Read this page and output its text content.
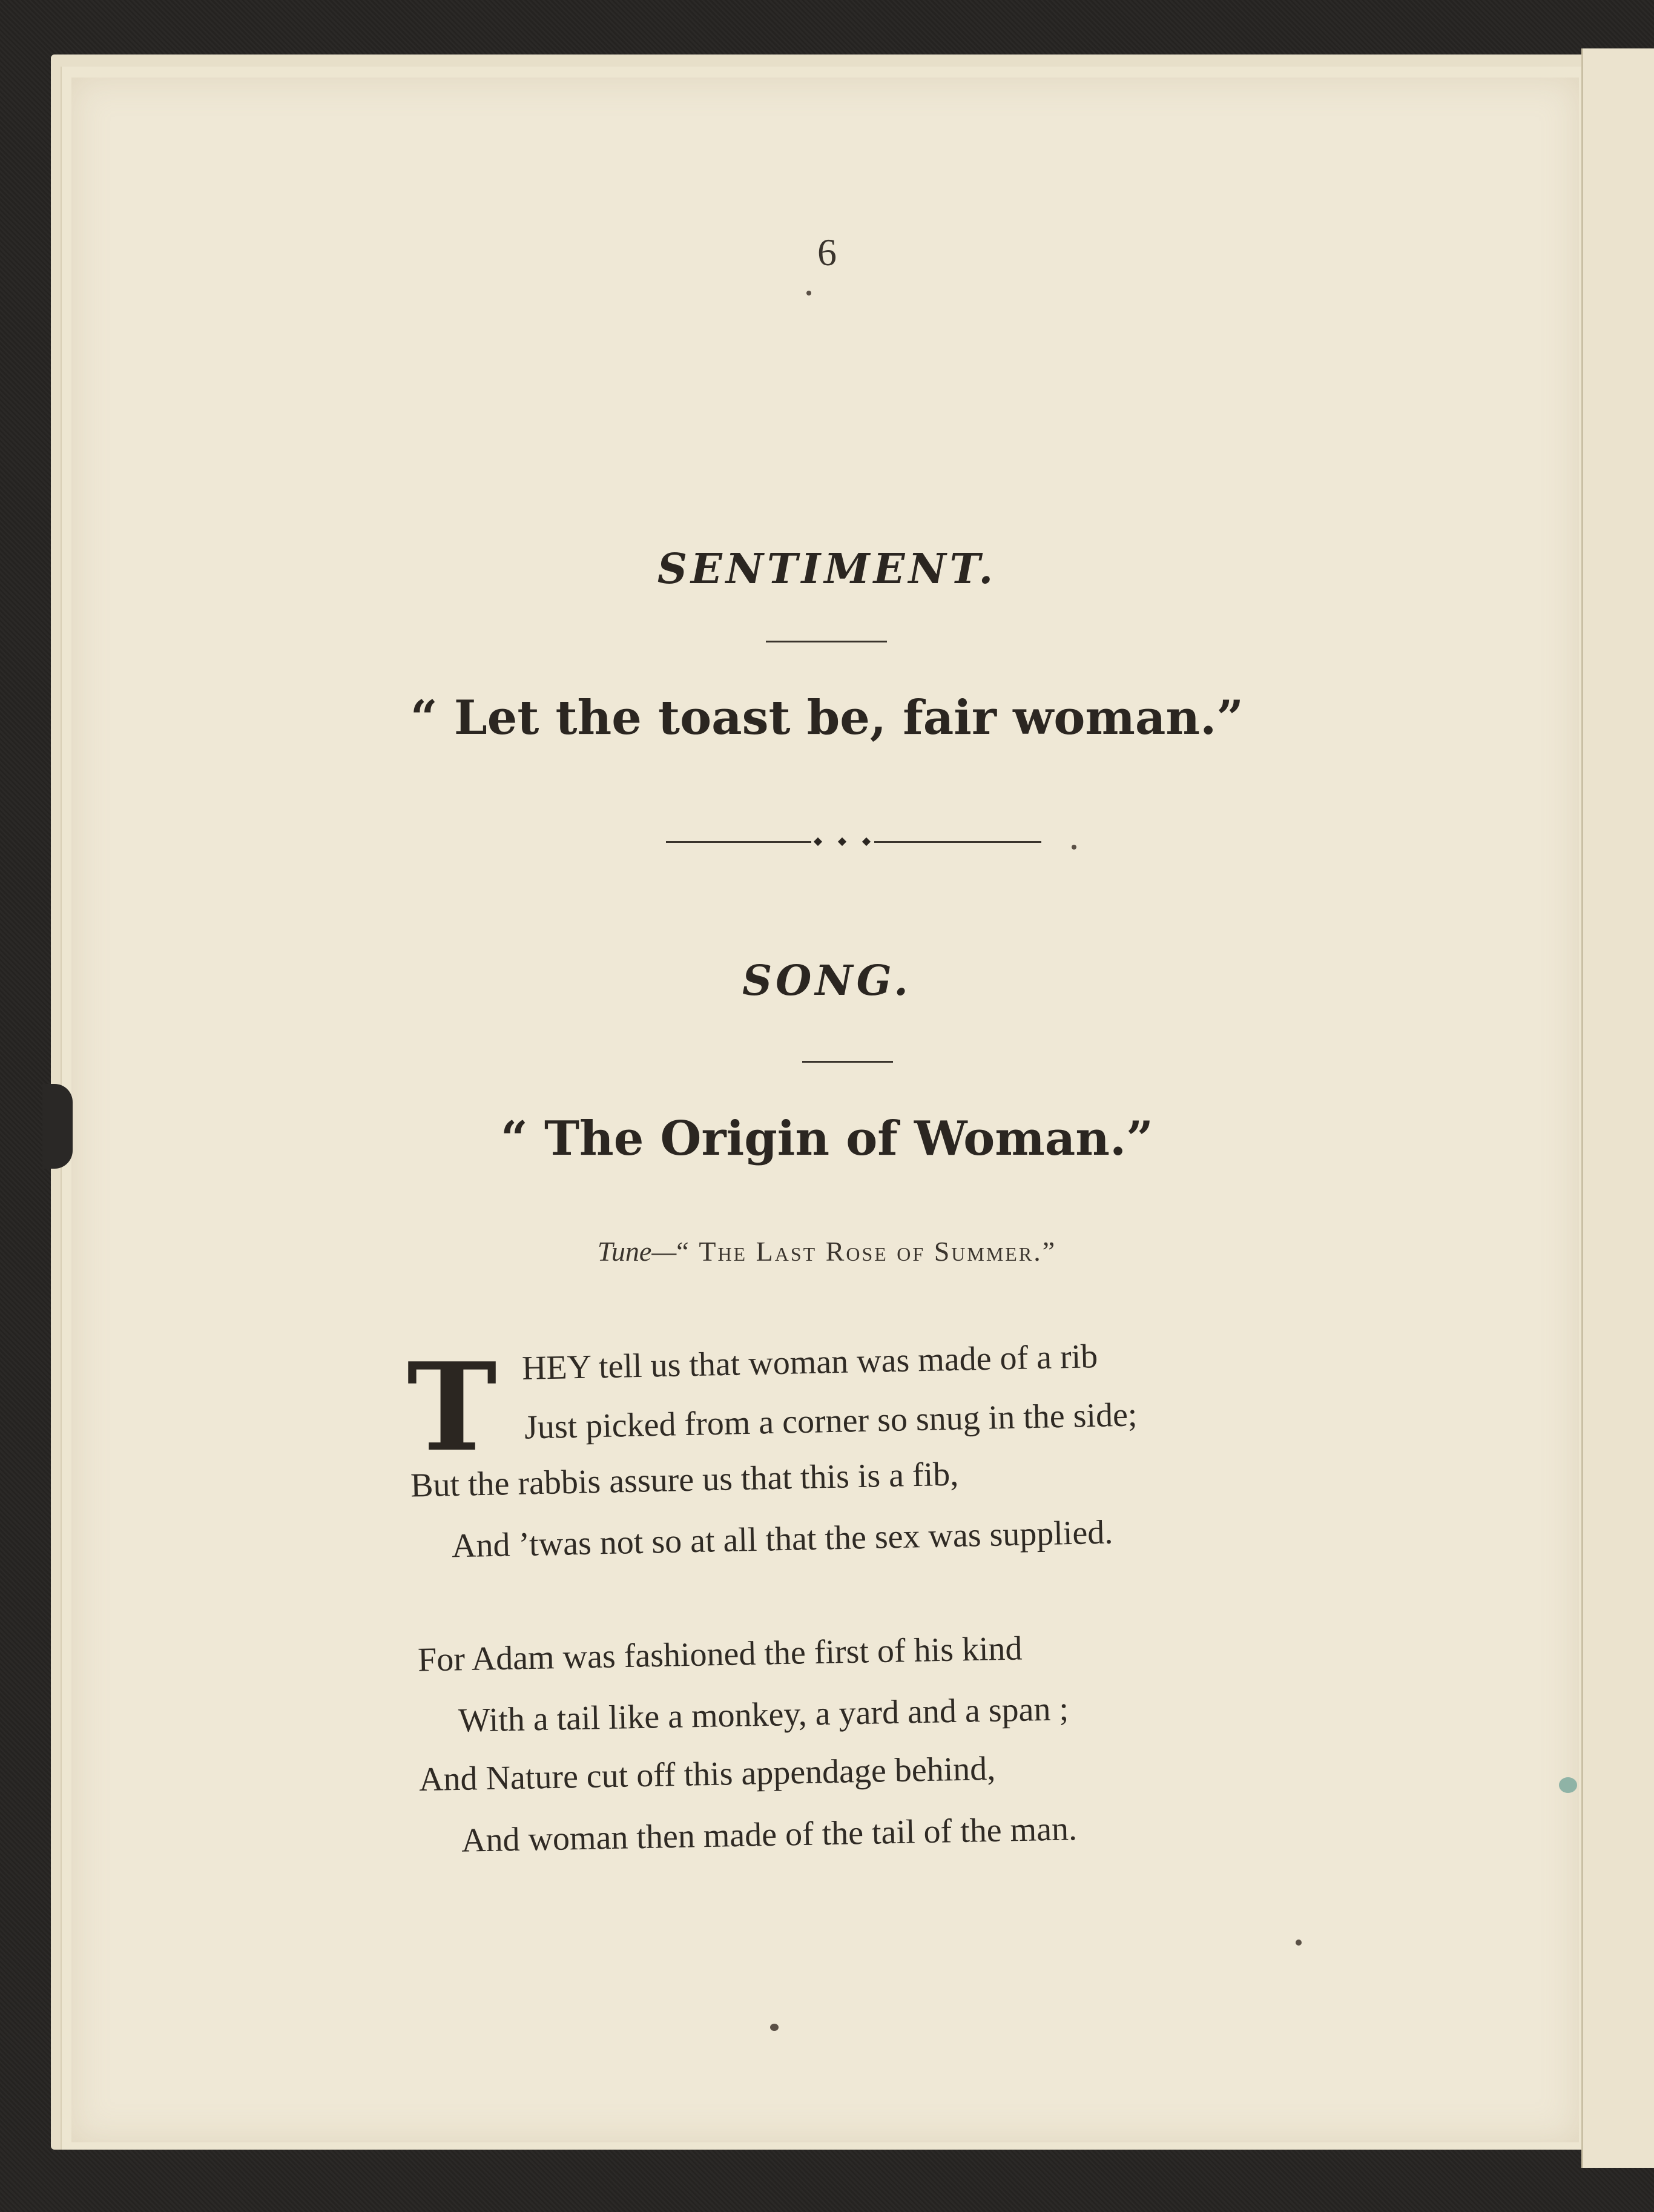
6
SENTIMENT.
“ Let the toast be, fair woman.”
SONG.
“ The Origin of Woman.”
Tune—“ The Last Rose of Summer.”
T HEY tell us that woman was made of a rib
Just picked from a corner so snug in the side;
But the rabbis assure us that this is a fib,
And ’twas not so at all that the sex was supplied.
For Adam was fashioned the first of his kind
With a tail like a monkey, a yard and a span ;
And Nature cut off this appendage behind,
And woman then made of the tail of the man.
